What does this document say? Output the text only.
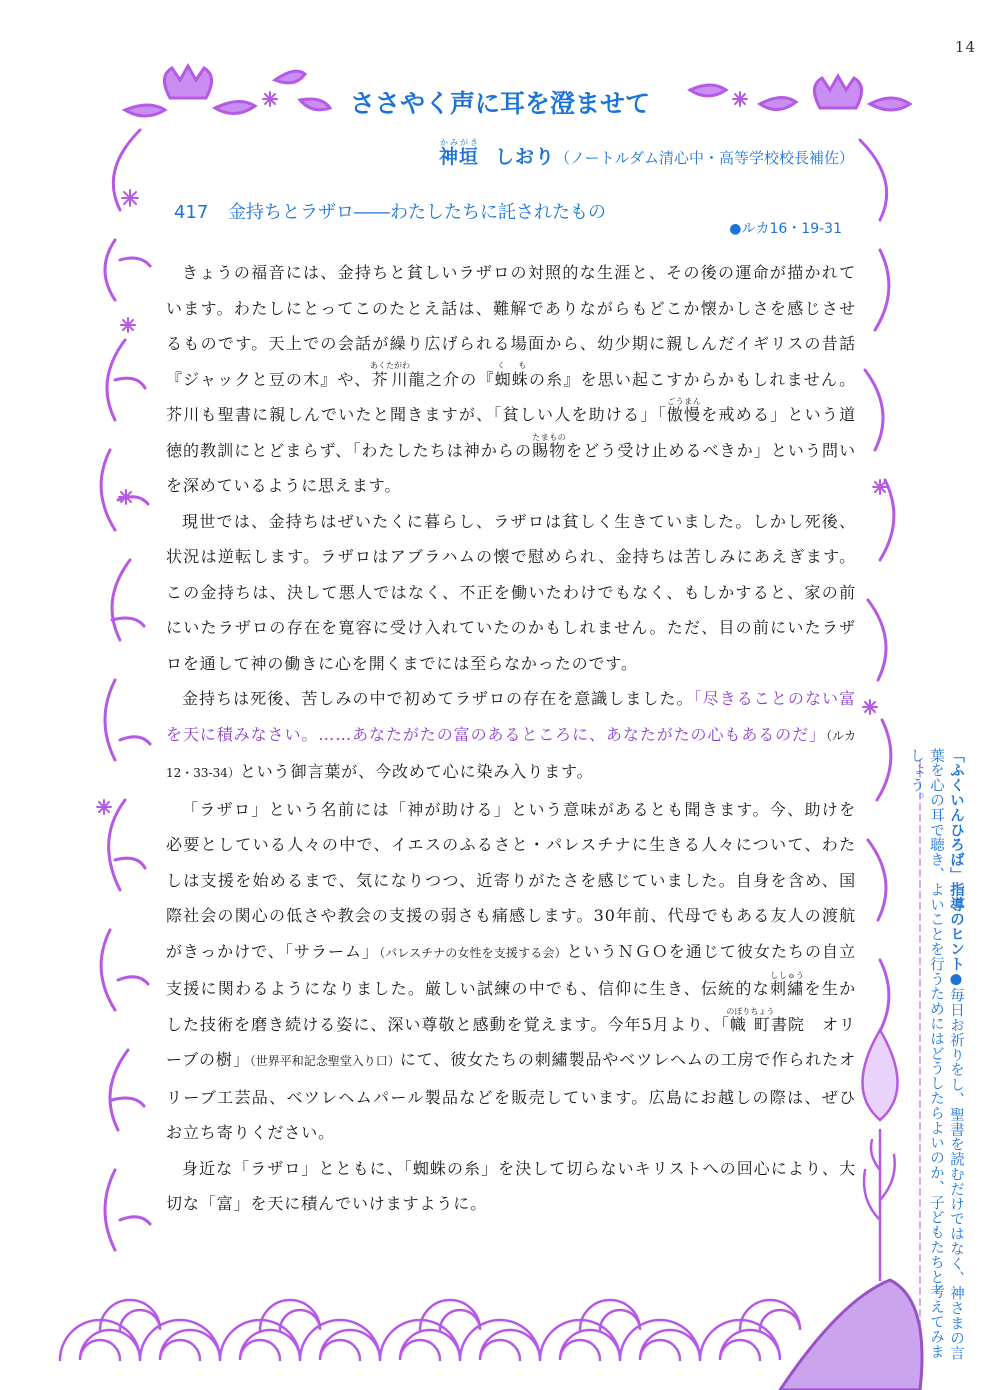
14
ささやく声に耳を澄ませて
神垣かみがき　しおり（ノートルダム清心中・高等学校校長補佐）
417 金持ちとラザロ――わたしたちに託されたもの
●ルカ16・19-31

きょうの福音には、金持ちと貧しいラザロの対照的な生涯と、その後の運命が描かれています。わたしにとってこのたとえ話は、難解でありながらもどこか懐かしさを感じさせるものです。天上での会話が繰り広げられる場面から、幼少期に親しんだイギリスの昔話『ジャックと豆の木』や、芥川あくたがわ龍之介の『蜘蛛く もの糸』を思い起こすからかもしれません。芥川も聖書に親しんでいたと聞きますが、「貧しい人を助ける」「傲慢ごうまんを戒める」という道徳的教訓にとどまらず、「わたしたちは神からの賜物たまものをどう受け止めるべきか」という問いを深めているように思えます。

現世では、金持ちはぜいたくに暮らし、ラザロは貧しく生きていました。しかし死後、状況は逆転します。ラザロはアブラハムの懐で慰められ、金持ちは苦しみにあえぎます。この金持ちは、決して悪人ではなく、不正を働いたわけでもなく、もしかすると、家の前にいたラザロの存在を寛容に受け入れていたのかもしれません。ただ、目の前にいたラザロを通して神の働きに心を開くまでには至らなかったのです。

金持ちは死後、苦しみの中で初めてラザロの存在を意識しました。「尽きることのない富を天に積みなさい。……あなたがたの富のあるところに、あなたがたの心もあるのだ」（ルカ12・33-34）という御言葉が、今改めて心に染み入ります。

「ラザロ」という名前には「神が助ける」という意味があるとも聞きます。今、助けを必要としている人々の中で、イエスのふるさと・パレスチナに生きる人々について、わたしは支援を始めるまで、気になりつつ、近寄りがたさを感じていました。自身を含め、国際社会の関心の低さや教会の支援の弱さも痛感します。30年前、代母でもある友人の渡航がきっかけで、「サラーム」（パレスチナの女性を支援する会）というＮＧＯを通じて彼女たちの自立支援に関わるようになりました。厳しい試練の中でも、信仰に生き、伝統的な刺繡ししゅうを生かした技術を磨き続ける姿に、深い尊敬と感動を覚えます。今年5月より、「幟町のぼりちょう書院　オリーブの樹」（世界平和記念聖堂入り口）にて、彼女たちの刺繡製品やベツレヘムの工房で作られたオリーブ工芸品、ベツレヘムパール製品などを販売しています。広島にお越しの際は、ぜひお立ち寄りください。

身近な「ラザロ」とともに、「蜘蛛の糸」を決して切らないキリストへの回心により、大切な「富」を天に積んでいけますように。

「ふくいんひろば」指導のヒント●毎日お祈りをし、聖書を読むだけではなく、神さまの言葉を心の耳で聴き、よいことを行うためにはどうしたらよいのか、子どもたちと考えてみましょう。
